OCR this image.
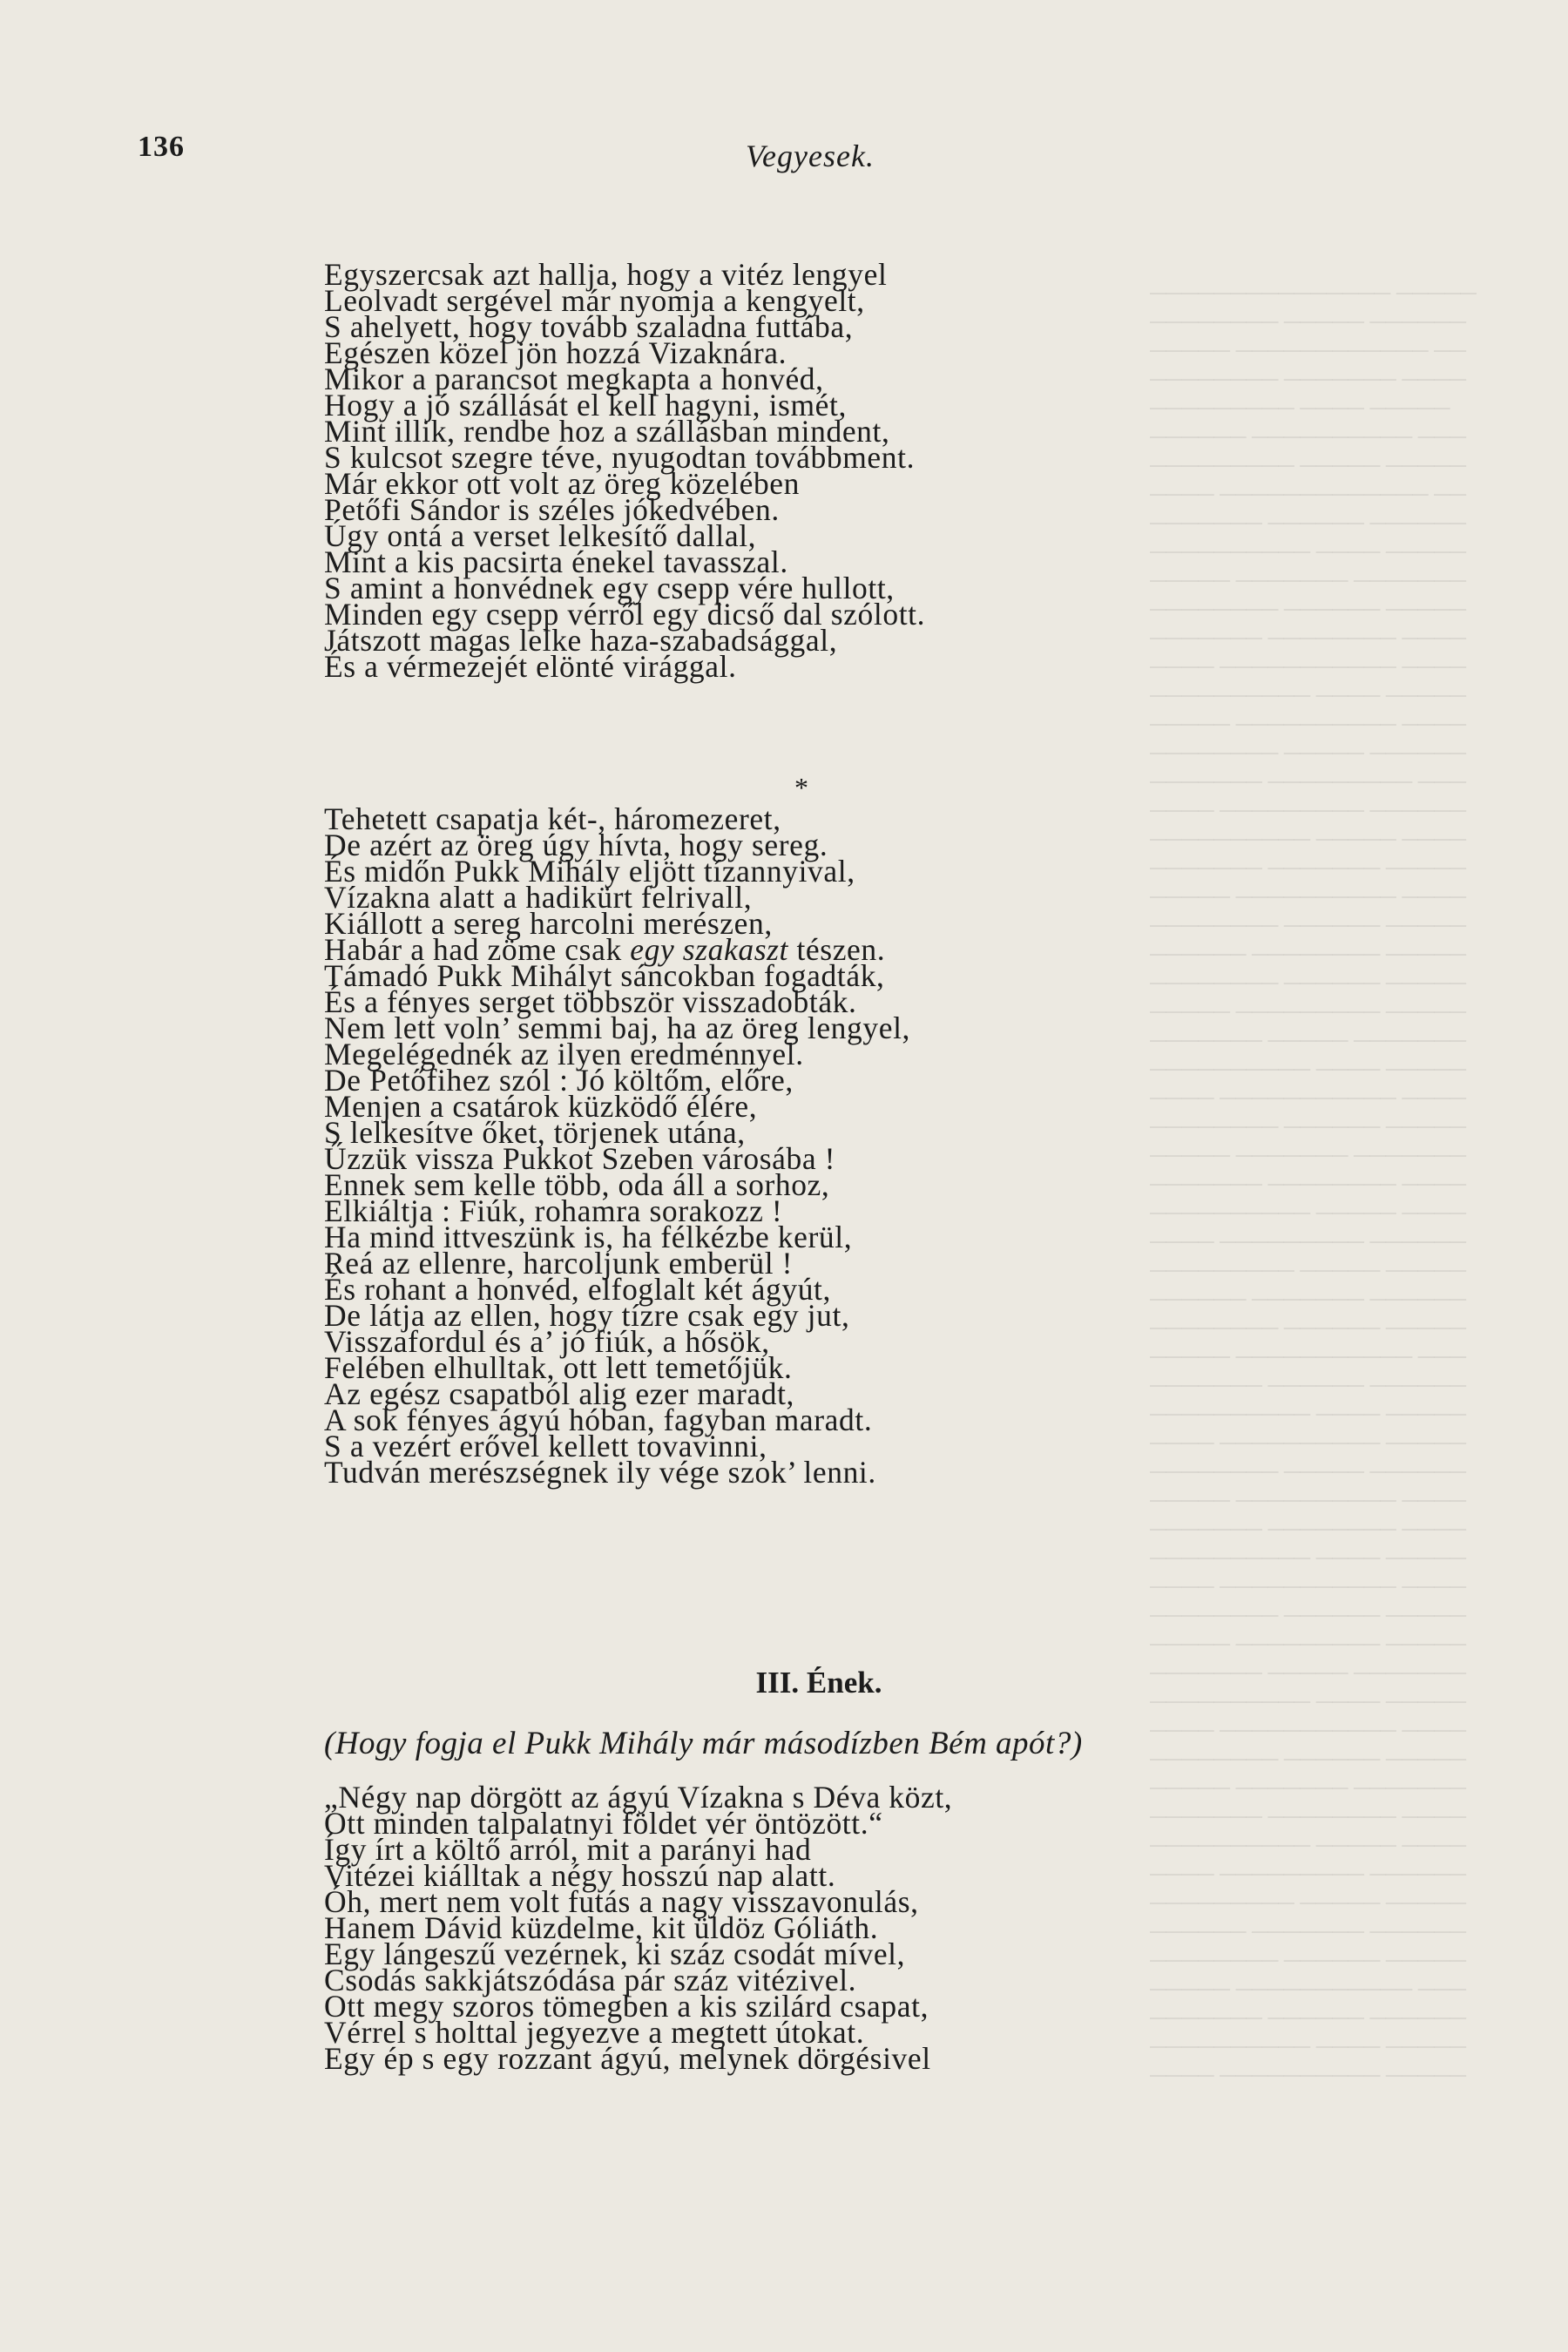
─────────────── ─────
──────── ───── ──────
───── ──────────── ──
──────── ─────── ────
───────── ──── ─────
────── ────────── ───
───────── ───── ─────
──── ───────────── ──
─────── ────── ──────
────────── ──── ─────
───── ─────── ───────
──────── ────── ─────
─────── ──────── ────
──── ─────────── ────
────────── ──── ─────
───── ────────── ────
──────── ───── ──────
─────── ───────── ───
──── ───────── ──────
────────── ───── ────
─────── ─────── ─────
───── ────────── ────
──────── ────── ─────
────── ──────── ─────
──────── ────── ─────
───── ───────── ─────
─────── ───── ───────
────────── ──── ─────
──── ─────────── ────
──────── ────── ─────
───── ─────── ───────
─────── ──────── ────
────────── ───── ────
──── ───────── ──────
───────── ───── ─────
────── ─────── ──────
──────── ────── ─────
───── ─────────── ───
─────── ────── ──────
────────── ──── ─────
──── ────────── ─────
──────── ───── ──────
───── ────────── ────
─────── ──────── ────
────────── ──── ─────
──── ─────────── ────
──────── ────── ─────
───── ───────── ─────
─────── ───── ───────
────────── ──── ─────
──── ─────────── ────
──────── ────── ─────
───── ─────── ───────
─────── ──────── ────
────────── ───── ────
──── ───────── ──────
───────── ───── ─────
────── ─────── ──────
──────── ────── ─────
───── ─────────── ───
─────── ────── ──────
────────── ──── ─────
──── ────────── ─────
136	Vegyesek.
Egyszercsak azt hallja, hogy a vitéz lengyel
Leolvadt sergével már nyomja a kengyelt,
S ahelyett, hogy tovább szaladna futtába,
Egészen közel jön hozzá Vizaknára.
Mikor a parancsot megkapta a honvéd,
Hogy a jó szállását el kell hagyni, ismét,
Mint illik, rendbe hoz a szállásban mindent,
S kulcsot szegre téve, nyugodtan továbbment.
Már ekkor ott volt az öreg közelében
Petőfi Sándor is széles jókedvében.
Úgy ontá a verset lelkesítő dallal,
Mint a kis pacsirta énekel tavasszal.
S amint a honvédnek egy csepp vére hullott,
Minden egy csepp vérről egy dicső dal szólott.
Játszott magas lelke haza-szabadsággal,
És a vérmezejét elönté virággal.
*
Tehetett csapatja két-, háromezeret,
De azért az öreg úgy hívta, hogy sereg.
És midőn Pukk Mihály eljött tízannyival,
Vízakna alatt a hadikürt felrivall,
Kiállott a sereg harcolni merészen,
Habár a had zöme csak egy szakaszt tészen.
Támadó Pukk Mihályt sáncokban fogadták,
És a fényes serget többször visszadobták.
Nem lett voln’ semmi baj, ha az öreg lengyel,
Megelégednék az ilyen eredménnyel.
De Petőfihez szól : Jó költőm, előre,
Menjen a csatárok küzködő élére,
S lelkesítve őket, törjenek utána,
Űzzük vissza Pukkot Szeben városába !
Ennek sem kelle több, oda áll a sorhoz,
Elkiáltja : Fiúk, rohamra sorakozz !
Ha mind ittveszünk is, ha félkézbe kerül,
Reá az ellenre, harcoljunk emberül !
És rohant a honvéd, elfoglalt két ágyút,
De látja az ellen, hogy tízre csak egy jut,
Visszafordul és a’ jó fiúk, a hősök,
Felében elhulltak, ott lett temetőjük.
Az egész csapatból alig ezer maradt,
A sok fényes ágyú hóban, fagyban maradt.
S a vezért erővel kellett tovavinni,
Tudván merészségnek ily vége szok’ lenni.
III. Ének.
(Hogy fogja el Pukk Mihály már másodízben Bém apót?)
„Négy nap dörgött az ágyú Vízakna s Déva közt,
Ott minden talpalatnyi földet vér öntözött.“
Így írt a költő arról, mit a parányi had
Vitézei kiálltak a négy hosszú nap alatt.
Óh, mert nem volt futás a nagy visszavonulás,
Hanem Dávid küzdelme, kit üldöz Góliáth.
Egy lángeszű vezérnek, ki száz csodát mível,
Csodás sakkjátszódása pár száz vitézivel.
Ott megy szoros tömegben a kis szilárd csapat,
Vérrel s holttal jegyezve a megtett útokat.
Egy ép s egy rozzant ágyú, melynek dörgésivel
